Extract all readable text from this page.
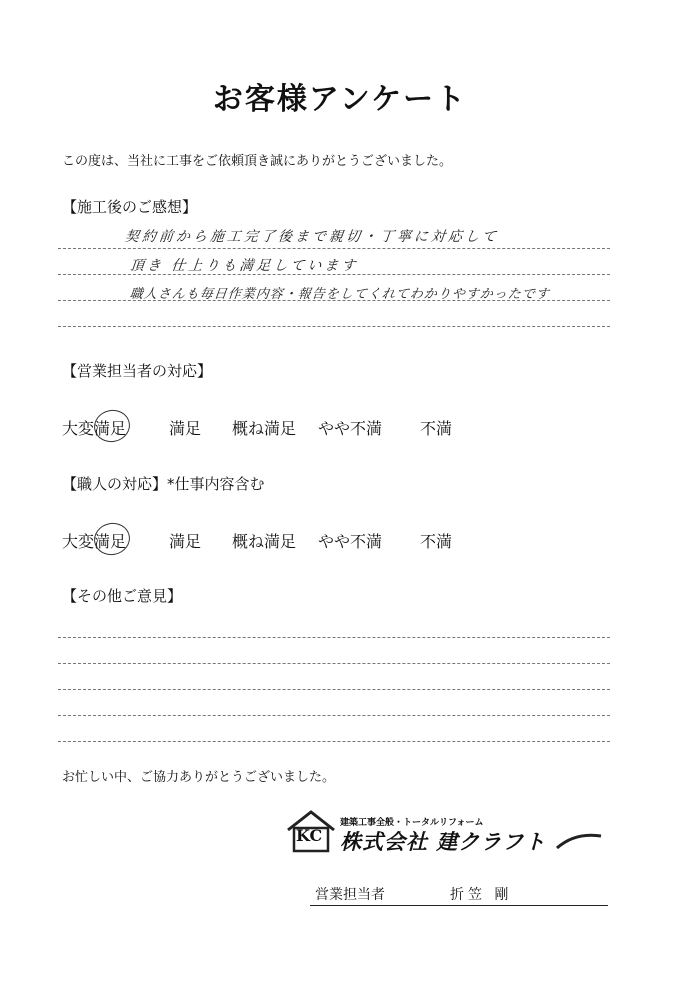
お客様アンケート
この度は、当社に工事をご依頼頂き誠にありがとうございました。
【施工後のご感想】
契約前から施工完了後まで親切・丁寧に対応して
頂き 仕上りも満足しています
職人さんも毎日作業内容・報告をしてくれてわかりやすかったです
【営業担当者の対応】
大変満足	満足 概ね満足 やや不満 不満
【職人の対応】*仕事内容含む
大変満足	満足 概ね満足 やや不満 不満
【その他ご意見】
お忙しい中、ご協力ありがとうございました。
KC
建築工事全般・トータルリフォーム
株式会社 建クラフト
営業担当者	折笠 剛
